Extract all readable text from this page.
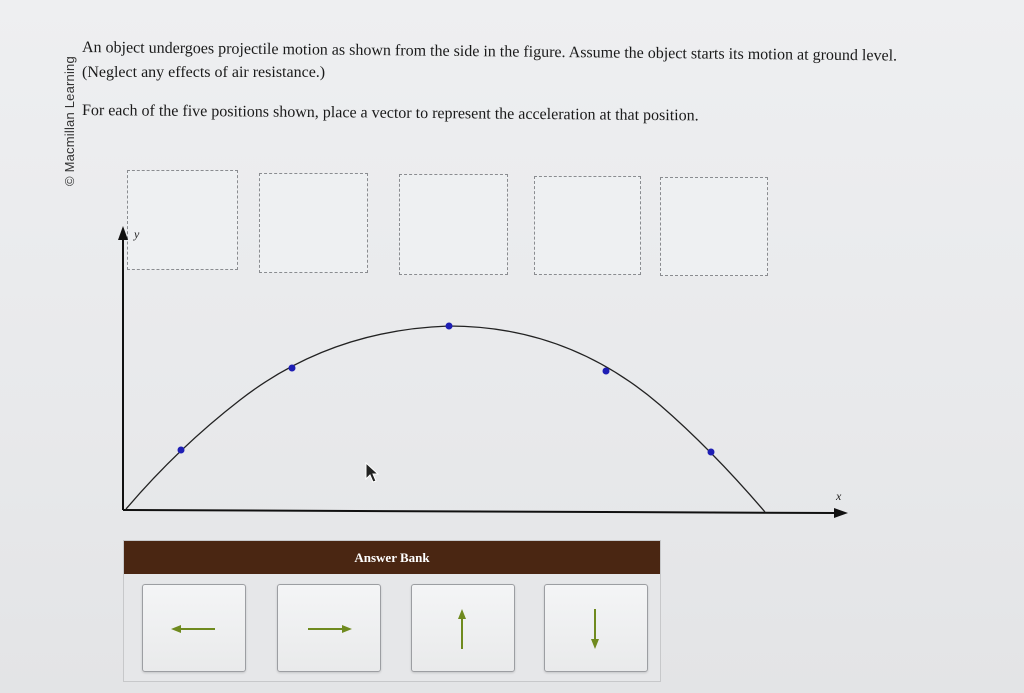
© Macmillan Learning
An object undergoes projectile motion as shown from the side in the figure. Assume the object starts its motion at ground level.
(Neglect any effects of air resistance.)
For each of the five positions shown, place a vector to represent the acceleration at that position.
y
x
Answer Bank
